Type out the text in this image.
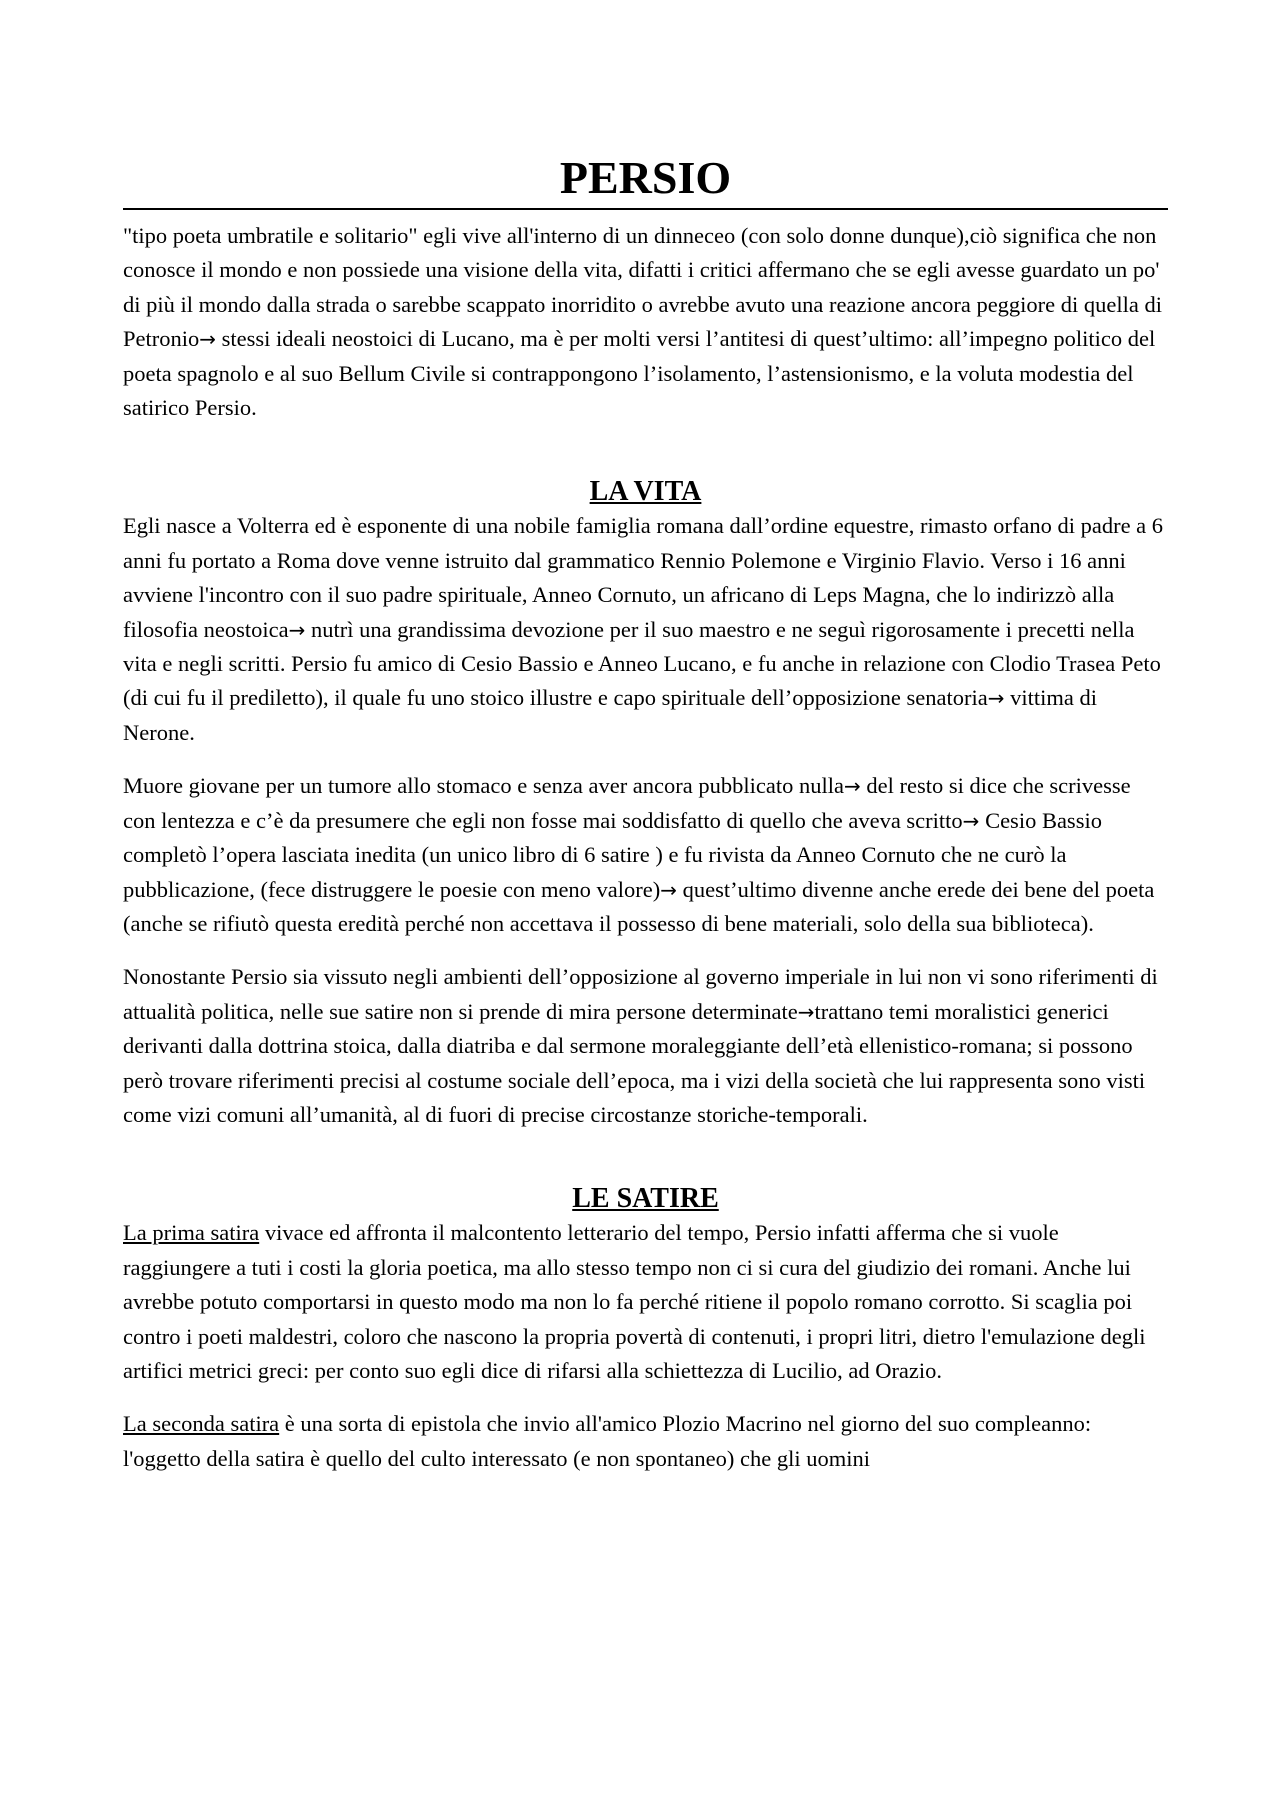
PERSIO

"tipo poeta umbratile e solitario" egli vive all'interno di un dinneceo (con solo donne dunque),ciò significa che non conosce il mondo e non possiede una visione della vita, difatti i critici affermano che se egli avesse guardato un po' di più il mondo dalla strada o sarebbe scappato inorridito o avrebbe avuto una reazione ancora peggiore di quella di Petronio→ stessi ideali neostoici di Lucano, ma è per molti versi l’antitesi di quest’ultimo: all’impegno politico del poeta spagnolo e al suo Bellum Civile si contrappongono l’isolamento, l’astensionismo, e la voluta modestia del satirico Persio.

LA VITA

Egli nasce a Volterra ed è esponente di una nobile famiglia romana dall’ordine equestre, rimasto orfano di padre a 6 anni fu portato a Roma dove venne istruito dal grammatico Rennio Polemone e Virginio Flavio. Verso i 16 anni avviene l'incontro con il suo padre spirituale, Anneo Cornuto, un africano di Leps Magna, che lo indirizzò alla filosofia neostoica→ nutrì una grandissima devozione per il suo maestro e ne seguì rigorosamente i precetti nella vita e negli scritti. Persio fu amico di Cesio Bassio e Anneo Lucano, e fu anche in relazione con Clodio Trasea Peto (di cui fu il prediletto), il quale fu uno stoico illustre e capo spirituale dell’opposizione senatoria→ vittima di Nerone.

Muore giovane per un tumore allo stomaco e senza aver ancora pubblicato nulla→ del resto si dice che scrivesse con lentezza e c’è da presumere che egli non fosse mai soddisfatto di quello che aveva scritto→ Cesio Bassio completò l’opera lasciata inedita (un unico libro di 6 satire ) e fu rivista da Anneo Cornuto che ne curò la pubblicazione, (fece distruggere le poesie con meno valore)→ quest’ultimo divenne anche erede dei bene del poeta (anche se rifiutò questa eredità perché non accettava il possesso di bene materiali, solo della sua biblioteca).

Nonostante Persio sia vissuto negli ambienti dell’opposizione al governo imperiale in lui non vi sono riferimenti di attualità politica, nelle sue satire non si prende di mira persone determinate→trattano temi moralistici generici derivanti dalla dottrina stoica, dalla diatriba e dal sermone moraleggiante dell’età ellenistico-romana; si possono però trovare riferimenti precisi al costume sociale dell’epoca, ma i vizi della società che lui rappresenta sono visti come vizi comuni all’umanità, al di fuori di precise circostanze storiche-temporali.

LE SATIRE

La prima satira vivace ed affronta il malcontento letterario del tempo, Persio infatti afferma che si vuole raggiungere a tuti i costi la gloria poetica, ma allo stesso tempo non ci si cura del giudizio dei romani. Anche lui avrebbe potuto comportarsi in questo modo ma non lo fa perché ritiene il popolo romano corrotto. Si scaglia poi contro i poeti maldestri, coloro che nascono la propria povertà di contenuti, i propri litri, dietro l'emulazione degli artifici metrici greci: per conto suo egli dice di rifarsi alla schiettezza di Lucilio, ad Orazio.

La seconda satira è una sorta di epistola che invio all'amico Plozio Macrino nel giorno del suo compleanno: l'oggetto della satira è quello del culto interessato (e non spontaneo) che gli uomini
